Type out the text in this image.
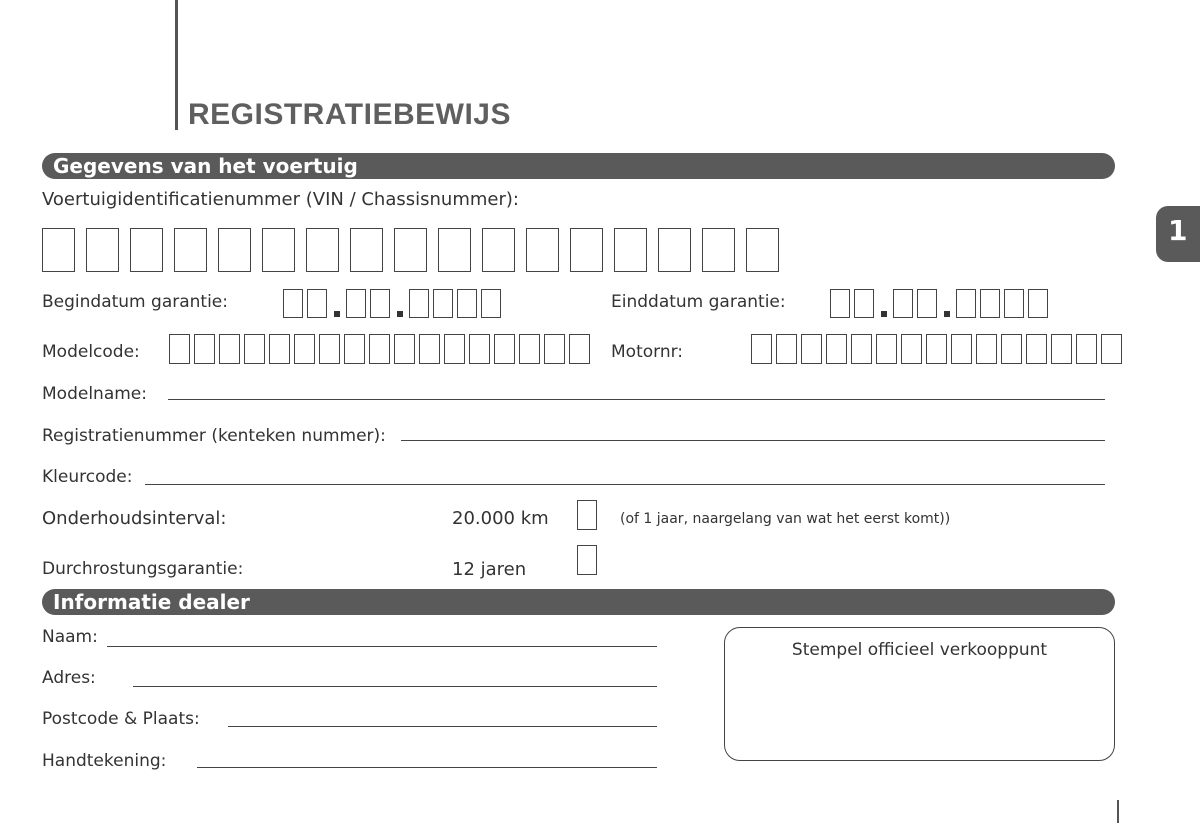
REGISTRATIEBEWIJS
1
Gegevens van het voertuig
Voertuigidentificatienummer (VIN / Chassisnummer):
Begindatum garantie:	Einddatum garantie:
Modelcode:	Motornr:
Modelname:
Registratienummer (kenteken nummer):
Kleurcode:
Onderhoudsinterval:	20.000 km	(of 1 jaar, naargelang van wat het eerst komt))
Durchrostungsgarantie:	12 jaren
Informatie dealer
Naam:
Adres:
Postcode & Plaats:
Handtekening:
Stempel officieel verkooppunt
